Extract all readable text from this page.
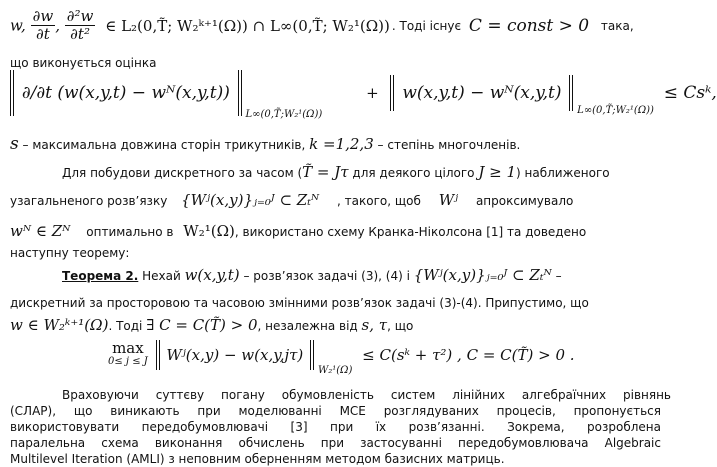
w, $\frac{\partial w}{\partial t}$ , $\frac{\text{∂²w}}{\text{∂t²}}$ ∈ L₂(0,T̃; W₂ᵏ⁺¹(Ω)) ∩ L∞(0,T̃; W₂¹(Ω)) . Тоді існує C = const > 0 така,
що виконується оцінка
∂/∂t (w(x,y,t) − wᴺ(x,y,t))  $_{L\infty(0,T̃;W_2^1(\Omega))}$ + w(x,y,t) − wᴺ(x,y,t)  $_{L\infty(0,T̃;W_2^1(\Omega))}$ ≤ Csᵏ,
s – максимальна довжина сторін трикутників, k =1,2,3 – степінь многочленів.
Для побудови дискретного за часом (T̃ = Jτ для деякого цілого J ≥ 1) наближеного
узагальненого розв’язку {Wʲ(x,y)}ⱼ₌₀ᴶ ⊂ Zₜᴺ , такого, щоб Wʲ апроксимувало
wᴺ ∈ Zᴺ оптимально в W₂¹(Ω), використано схему Кранка-Ніколсона [1] та доведено
наступну теорему:
Теорема 2. Нехай w(x,y,t) – розв’язок задачі (3), (4) і {Wʲ(x,y)}ⱼ₌₀ᴶ ⊂ Zₜᴺ –
дискретний за просторовою та часовою змінними розв’язок задачі (3)-(4). Припустимо, що
w ∈ W₂ᵏ⁺¹(Ω). Тоді ∃ C = C(T̃) > 0, незалежна від s, τ, що
max
0≤ j ≤ J Wʲ(x,y) − w(x,y,jτ)  $_{W_2^1(\Omega)}$ ≤ C(sᵏ + τ²) , C = C(T̃) > 0 .
Враховуючи суттєву погану обумовленість систем лінійних алгебраїчних рівнянь
(СЛАР), що виникають при моделюванні МСЕ розглядуваних процесів, пропонується
використовувати передобумовлювачі [3] при їх розв’язанні. Зокрема, розроблена
паралельна схема виконання обчислень при застосуванні передобумовлювача Algebraic
Multilevel Iteration (AMLI) з неповним оберненням методом базисних матриць.
